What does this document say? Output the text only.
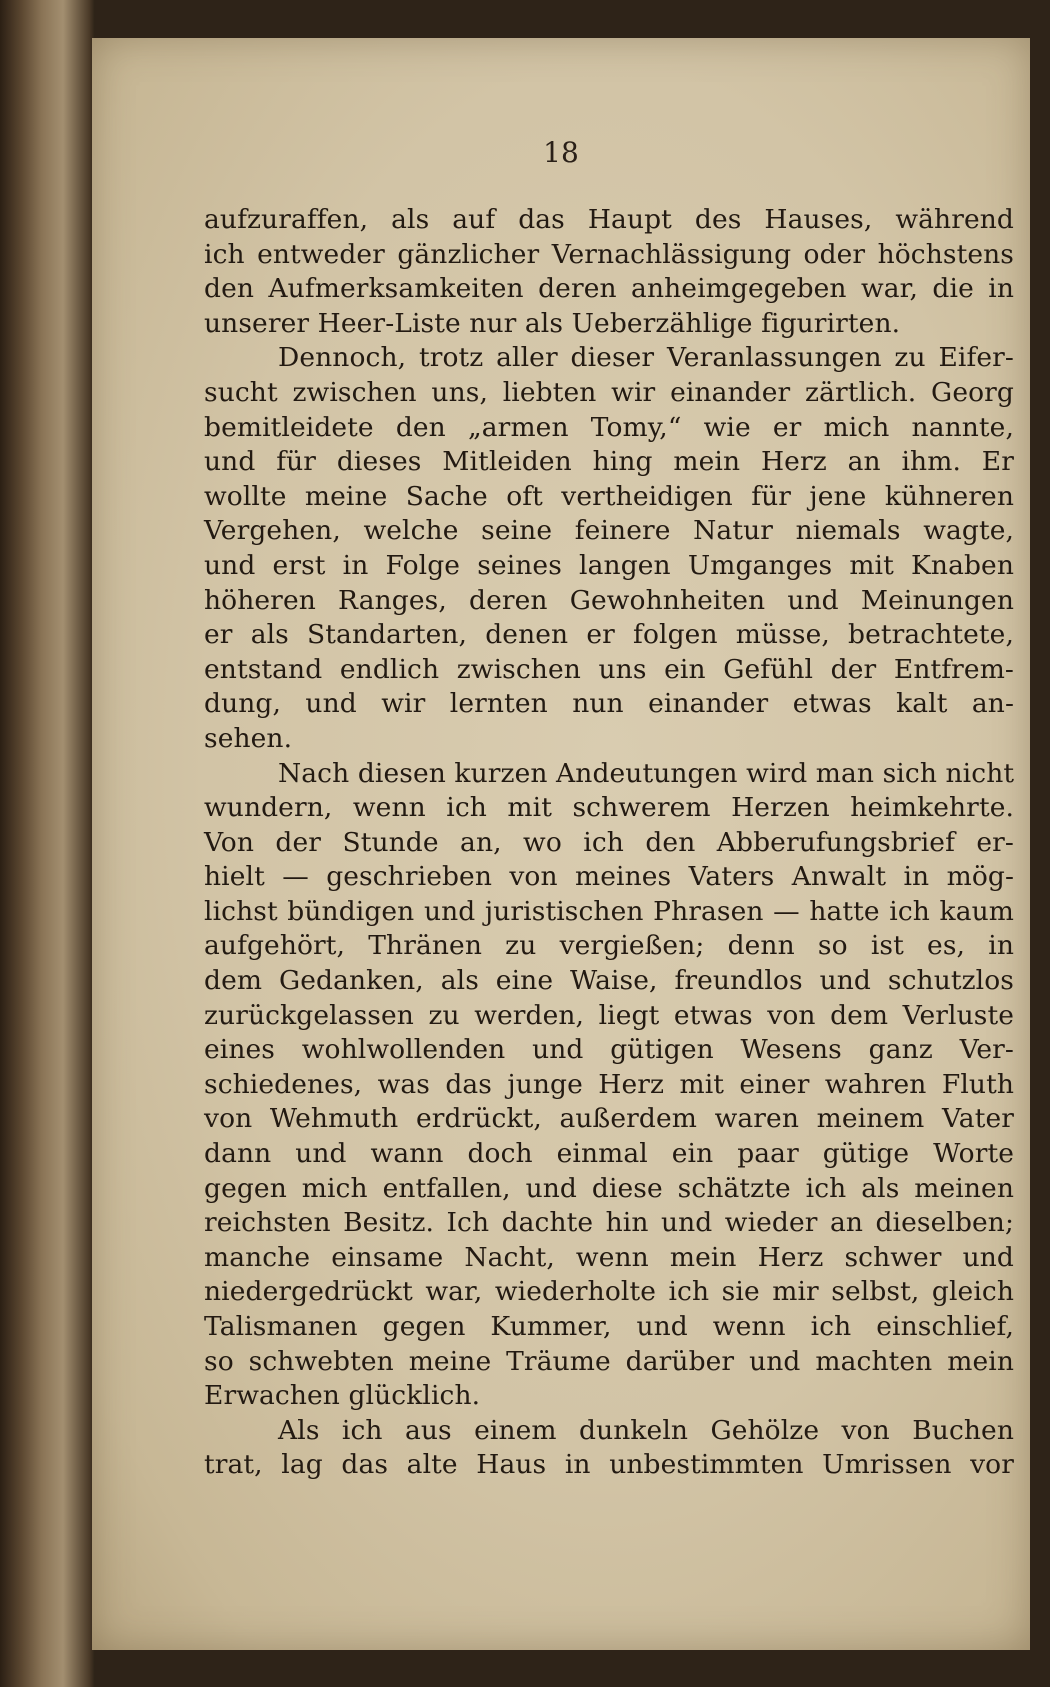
18
aufzuraffen, als auf das Haupt des Hauses, während
ich entweder gänzlicher Vernachlässigung oder höchstens
den Aufmerksamkeiten deren anheimgegeben war, die in
unserer Heer-Liste nur als Ueberzählige figurirten.
Dennoch, trotz aller dieser Veranlassungen zu Eifer-
sucht zwischen uns, liebten wir einander zärtlich. Georg
bemitleidete den „armen Tomy,“ wie er mich nannte,
und für dieses Mitleiden hing mein Herz an ihm. Er
wollte meine Sache oft vertheidigen für jene kühneren
Vergehen, welche seine feinere Natur niemals wagte,
und erst in Folge seines langen Umganges mit Knaben
höheren Ranges, deren Gewohnheiten und Meinungen
er als Standarten, denen er folgen müsse, betrachtete,
entstand endlich zwischen uns ein Gefühl der Entfrem-
dung, und wir lernten nun einander etwas kalt an-
sehen.
Nach diesen kurzen Andeutungen wird man sich nicht
wundern, wenn ich mit schwerem Herzen heimkehrte.
Von der Stunde an, wo ich den Abberufungsbrief er-
hielt — geschrieben von meines Vaters Anwalt in mög-
lichst bündigen und juristischen Phrasen — hatte ich kaum
aufgehört, Thränen zu vergießen; denn so ist es, in
dem Gedanken, als eine Waise, freundlos und schutzlos
zurückgelassen zu werden, liegt etwas von dem Verluste
eines wohlwollenden und gütigen Wesens ganz Ver-
schiedenes, was das junge Herz mit einer wahren Fluth
von Wehmuth erdrückt, außerdem waren meinem Vater
dann und wann doch einmal ein paar gütige Worte
gegen mich entfallen, und diese schätzte ich als meinen
reichsten Besitz. Ich dachte hin und wieder an dieselben;
manche einsame Nacht, wenn mein Herz schwer und
niedergedrückt war, wiederholte ich sie mir selbst, gleich
Talismanen gegen Kummer, und wenn ich einschlief,
so schwebten meine Träume darüber und machten mein
Erwachen glücklich.
Als ich aus einem dunkeln Gehölze von Buchen
trat, lag das alte Haus in unbestimmten Umrissen vor
